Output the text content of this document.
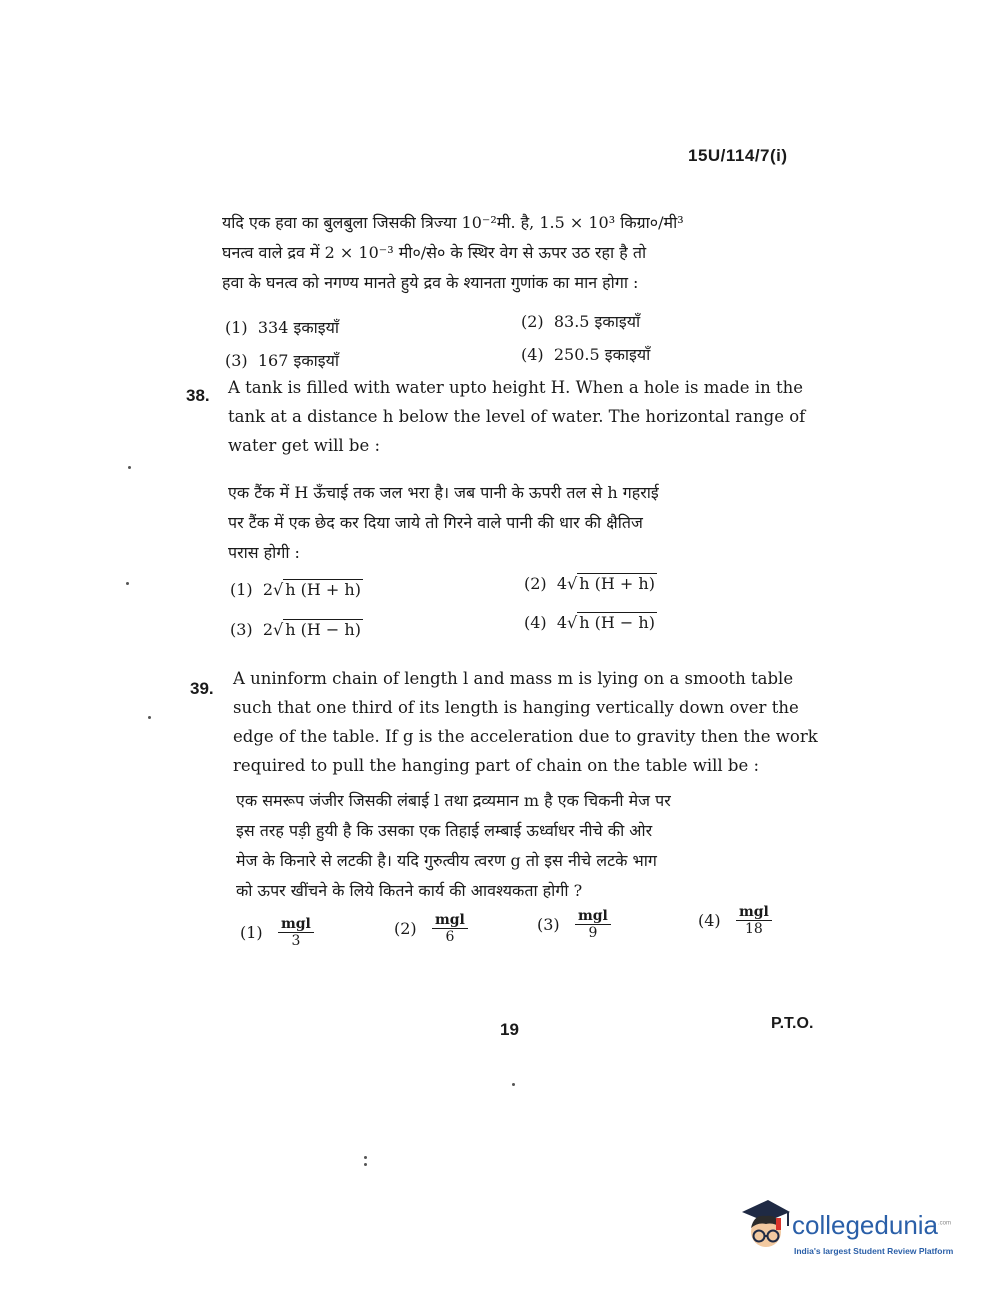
15U/114/7(i)
यदि एक हवा का बुलबुला जिसकी त्रिज्या 10⁻²मी. है, 1.5 × 10³ किग्रा०/मी³
घनत्व वाले द्रव में 2 × 10⁻³ मी०/से० के स्थिर वेग से ऊपर उठ रहा है तो
हवा के घनत्व को नगण्य मानते हुये द्रव के श्यानता गुणांक का मान होगा :
(1) 334 इकाइयाँ	(2) 83.5 इकाइयाँ
(3) 167 इकाइयाँ	(4) 250.5 इकाइयाँ
38. A tank is filled with water upto height H. When a hole is made in the
tank at a distance h below the level of water. The horizontal range of
water get will be :
एक टैंक में H ऊँचाई तक जल भरा है। जब पानी के ऊपरी तल से h गहराई
पर टैंक में एक छेद कर दिया जाये तो गिरने वाले पानी की धार की क्षैतिज
परास होगी :
(1) 2√ h (H + h)	(2) 4√ h (H + h)
(3) 2√ h (H − h)	(4) 4√ h (H − h)
39.
A uninform chain of length l and mass m is lying on a smooth table
such that one third of its length is hanging vertically down over the
edge of the table. If g is the acceleration due to gravity then the work
required to pull the hanging part of chain on the table will be :
एक समरूप जंजीर जिसकी लंबाई l तथा द्रव्यमान m है एक चिकनी मेज पर
इस तरह पड़ी हुयी है कि उसका एक तिहाई लम्बाई ऊर्ध्वाधर नीचे की ओर
मेज के किनारे से लटकी है। यदि गुरुत्वीय त्वरण g तो इस नीचे लटके भाग
को ऊपर खींचने के लिये कितने कार्य की आवश्यकता होगी ?
$(1) \frac{\text{mgl}}{3}$	$(2) \frac{\text{mgl}}{6}$	$(3) \frac{\text{mgl}}{9}$	$(4) \frac{\text{mgl}}{18}$
19	P.T.O.
collegedunia$^{.com}$
India's largest Student Review Platform
